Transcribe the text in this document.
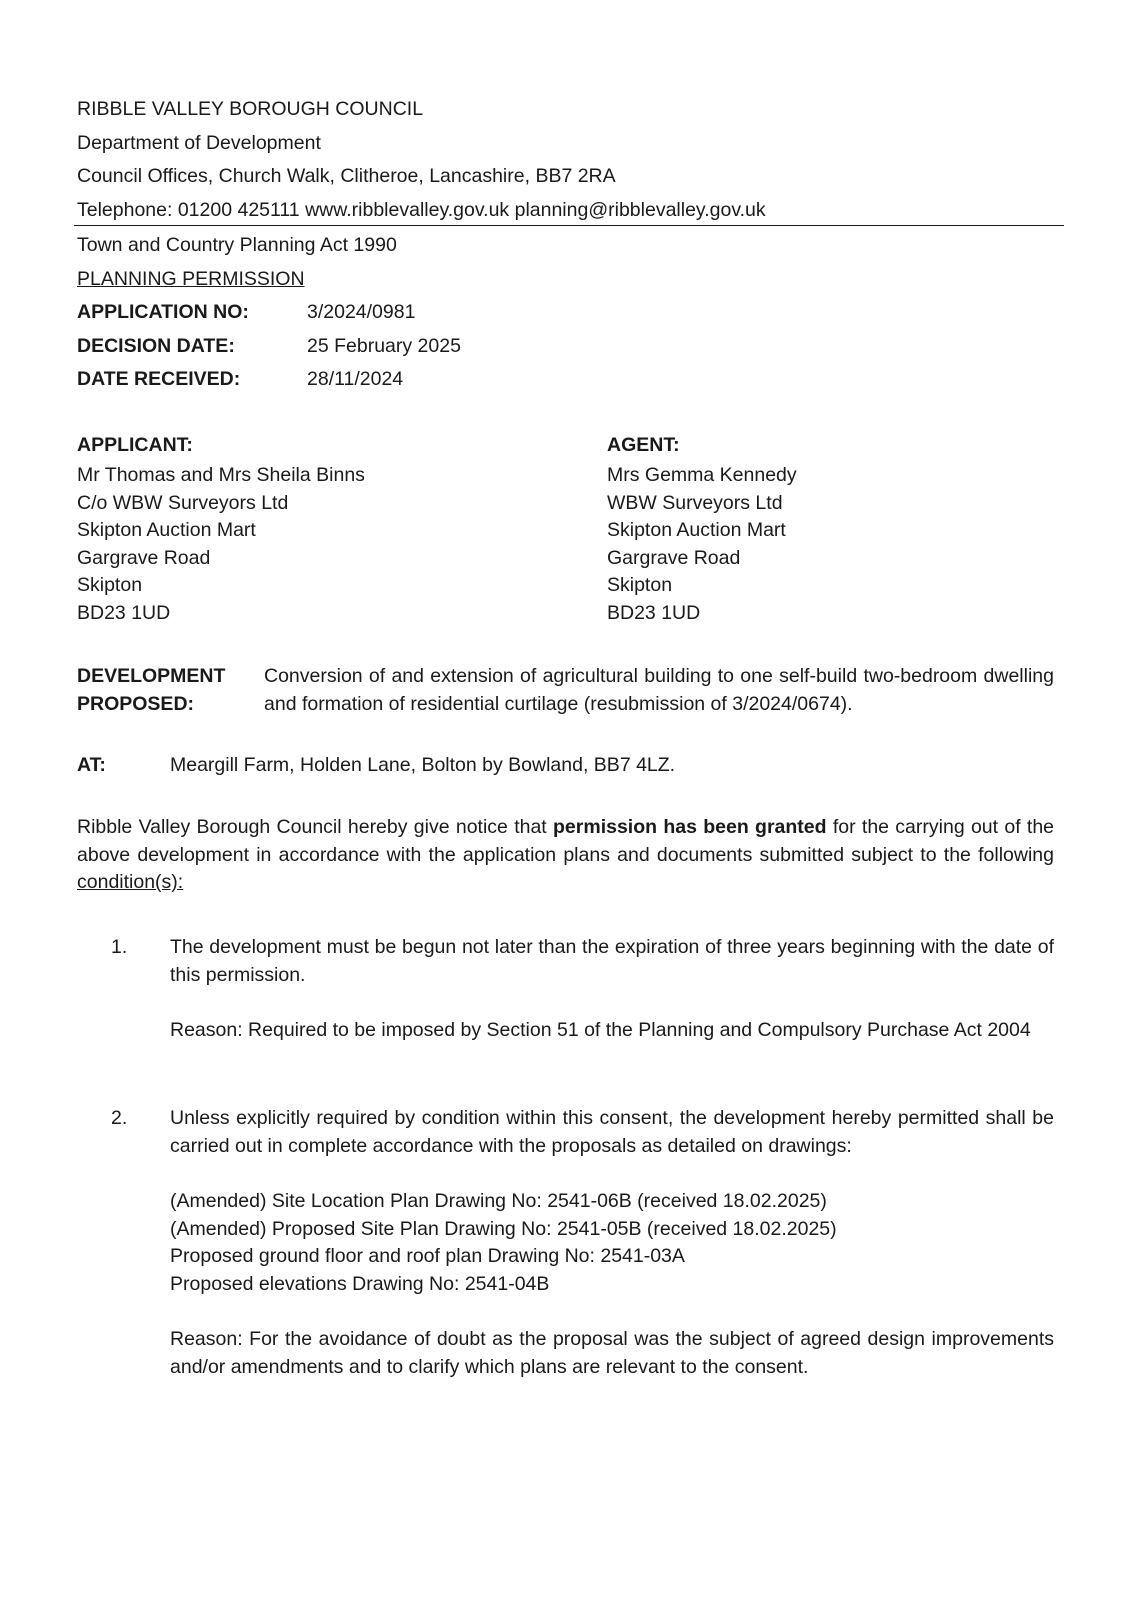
RIBBLE VALLEY BOROUGH COUNCIL
Department of Development
Council Offices, Church Walk, Clitheroe, Lancashire, BB7 2RA
Telephone: 01200 425111 www.ribblevalley.gov.uk planning@ribblevalley.gov.uk
Town and Country Planning Act 1990
PLANNING PERMISSION
APPLICATION NO:	3/2024/0981
DECISION DATE:	25 February 2025
DATE RECEIVED:	28/11/2024
APPLICANT:
Mr Thomas and Mrs Sheila Binns
C/o WBW Surveyors Ltd
Skipton Auction Mart
Gargrave Road
Skipton
BD23 1UD
AGENT:
Mrs Gemma Kennedy
WBW Surveyors Ltd
Skipton Auction Mart
Gargrave Road
Skipton
BD23 1UD
DEVELOPMENT
PROPOSED:
Conversion of and extension of agricultural building to one self-build two-bedroom dwelling and formation of residential curtilage (resubmission of 3/2024/0674).
AT:	Meargill Farm, Holden Lane, Bolton by Bowland, BB7 4LZ.
Ribble Valley Borough Council hereby give notice that permission has been granted for the carrying out of the above development in accordance with the application plans and documents submitted subject to the following condition(s):
1. The development must be begun not later than the expiration of three years beginning with the date of this permission.
Reason: Required to be imposed by Section 51 of the Planning and Compulsory Purchase Act 2004
2. Unless explicitly required by condition within this consent, the development hereby permitted shall be carried out in complete accordance with the proposals as detailed on drawings:
(Amended) Site Location Plan Drawing No: 2541-06B (received 18.02.2025)
(Amended) Proposed Site Plan Drawing No: 2541-05B (received 18.02.2025)
Proposed ground floor and roof plan Drawing No: 2541-03A
Proposed elevations Drawing No: 2541-04B
Reason: For the avoidance of doubt as the proposal was the subject of agreed design improvements and/or amendments and to clarify which plans are relevant to the consent.
